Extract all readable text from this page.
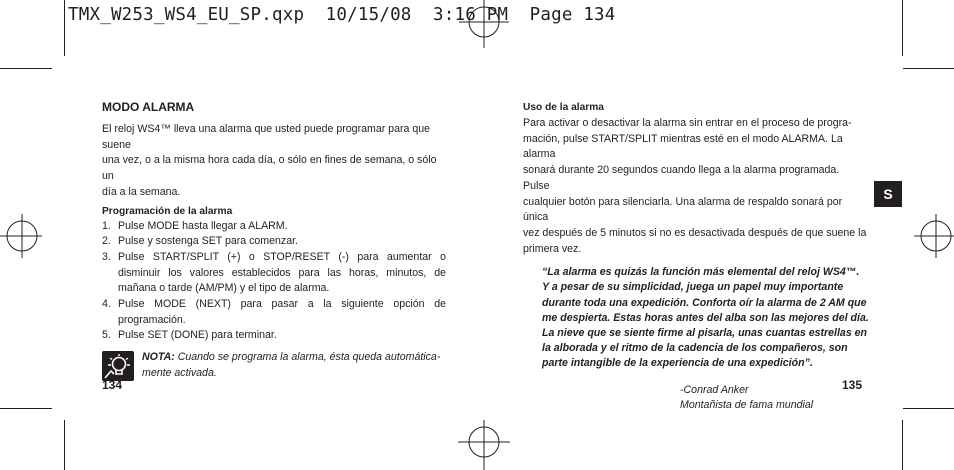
TMX_W253_WS4_EU_SP.qxp  10/15/08  3:16 PM  Page 134
MODO ALARMA

El reloj WS4™ lleva una alarma que usted puede programar para que suene
una vez, o a la misma hora cada día, o sólo en fines de semana, o sólo un
día a la semana.

Programación de la alarma
1. Pulse MODE hasta llegar a ALARM.
2. Pulse y sostenga SET para comenzar.
3. Pulse START/SPLIT (+) o STOP/RESET (-) para aumentar o disminuir los valores establecidos para las horas, minutos, de mañana o tarde (AM/PM) y el tipo de alarma.
4. Pulse MODE (NEXT) para pasar a la siguiente opción de programación.
5. Pulse SET (DONE) para terminar.
NOTA: Cuando se programa la alarma, ésta queda automática-
mente activada.
134
Uso de la alarma

Para activar o desactivar la alarma sin entrar en el proceso de progra-
mación, pulse START/SPLIT mientras esté en el modo ALARMA. La alarma
sonará durante 20 segundos cuando llega a la alarma programada. Pulse
cualquier botón para silenciarla. Una alarma de respaldo sonará por única
vez después de 5 minutos si no es desactivada después de que suene la
primera vez.

“La alarma es quizás la función más elemental del reloj WS4™.
Y a pesar de su simplicidad, juega un papel muy importante
durante toda una expedición. Conforta oír la alarma de 2 AM que
me despierta. Estas horas antes del alba son las mejores del día.
La nieve que se siente firme al pisarla, unas cuantas estrellas en
la alborada y el ritmo de la cadencia de los compañeros, son
parte intangible de la experiencia de una expedición”.
-Conrad Anker
Montañista de fama mundial
135
S
